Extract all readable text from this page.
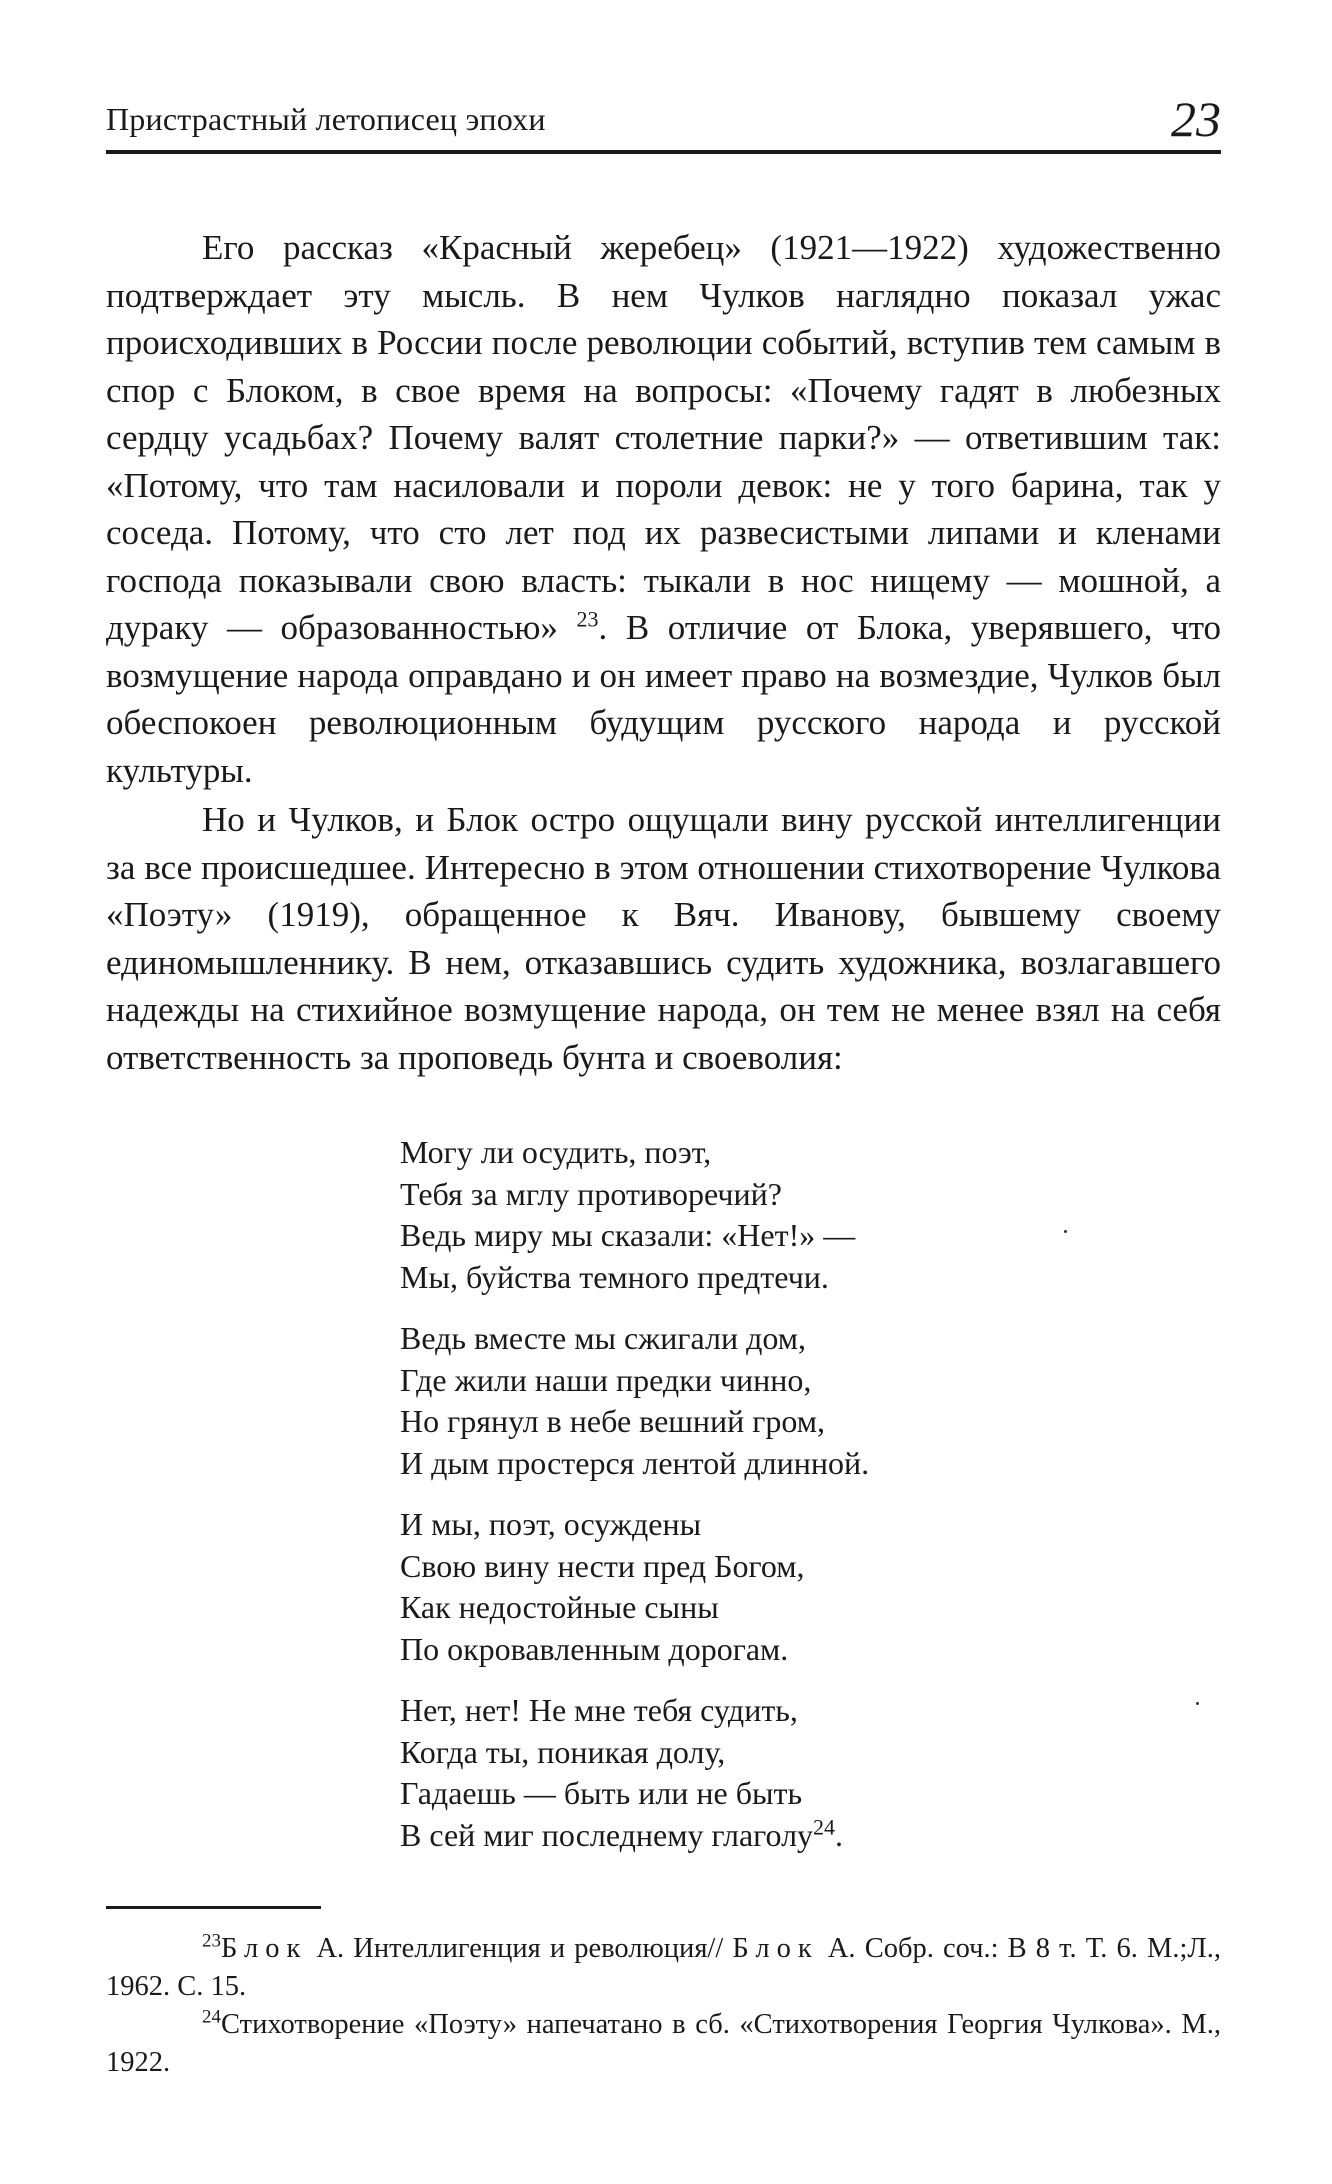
Пристрастный летописец эпохи	23

Его рассказ «Красный жеребец» (1921—1922) художественно подтверждает эту мысль. В нем Чулков наглядно показал ужас происходивших в России после революции событий, вступив тем самым в спор с Блоком, в свое время на вопросы: «Почему гадят в любезных сердцу усадьбах? Почему валят столетние парки?» — ответившим так: «Потому, что там насиловали и пороли девок: не у того барина, так у соседа. Потому, что сто лет под их развесистыми липами и кленами господа показывали свою власть: тыкали в нос нищему — мошной, а дураку — образованностью» $^{23}$. В отличие от Блока, уверявшего, что возмущение народа оправдано и он имеет право на возмездие, Чулков был обеспокоен революционным будущим русского народа и русской культуры.

Но и Чулков, и Блок остро ощущали вину русской интеллигенции за все происшедшее. Интересно в этом отношении стихотворение Чулкова «Поэту» (1919), обращенное к Вяч. Иванову, бывшему своему единомышленнику. В нем, отказавшись судить художника, возлагавшего надежды на стихийное возмущение народа, он тем не менее взял на себя ответственность за проповедь бунта и своеволия:

Могу ли осудить, поэт,
Тебя за мглу противоречий?
Ведь миру мы сказали: «Нет!» —
Мы, буйства темного предтечи.
Ведь вместе мы сжигали дом,
Где жили наши предки чинно,
Но грянул в небе вешний гром,
И дым простерся лентой длинной.
И мы, поэт, осуждены
Свою вину нести пред Богом,
Как недостойные сыны
По окровавленным дорогам.
Нет, нет! Не мне тебя судить,
Когда ты, поникая долу,
Гадаешь — быть или не быть
В сей миг последнему глаголу$^{24}$.

$^{23}$Блок А. Интеллигенция и революция// Блок А. Собр. соч.: В 8 т. Т. 6. М.;Л., 1962. С. 15.

$^{24}$Стихотворение «Поэту» напечатано в сб. «Стихотворения Георгия Чулкова». М., 1922.
